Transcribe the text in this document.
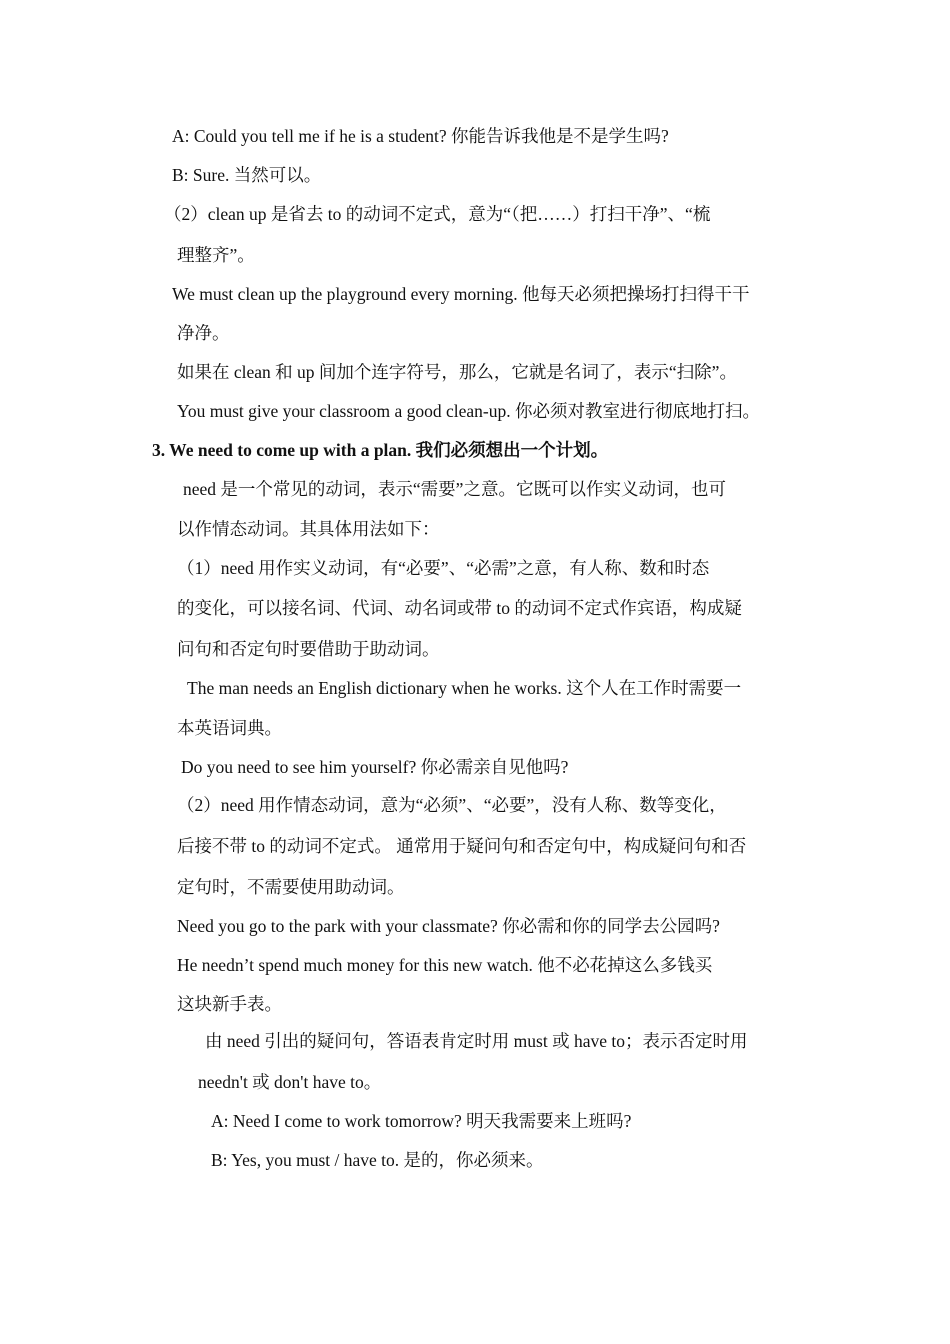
A: Could you tell me if he is a student? 你能告诉我他是不是学生吗?
B: Sure. 当然可以。
（2）clean up 是省去 to 的动词不定式，意为“（把……）打扫干净”、“梳
理整齐”。
We must clean up the playground every morning. 他每天必须把操场打扫得干干
净净。
如果在 clean 和 up 间加个连字符号，那么，它就是名词了，表示“扫除”。
You must give your classroom a good clean-up. 你必须对教室进行彻底地打扫。
3. We need to come up with a plan. 我们必须想出一个计划。
need 是一个常见的动词，表示“需要”之意。它既可以作实义动词，也可
以作情态动词。其具体用法如下：
（1）need 用作实义动词，有“必要”、“必需”之意，有人称、数和时态
的变化，可以接名词、代词、动名词或带 to 的动词不定式作宾语，构成疑
问句和否定句时要借助于助动词。
The man needs an English dictionary when he works. 这个人在工作时需要一
本英语词典。
Do you need to see him yourself? 你必需亲自见他吗?
（2）need 用作情态动词，意为“必须”、“必要”，没有人称、数等变化，
后接不带 to 的动词不定式。 通常用于疑问句和否定句中，构成疑问句和否
定句时，不需要使用助动词。
Need you go to the park with your classmate? 你必需和你的同学去公园吗?
He needn’t spend much money for this new watch. 他不必花掉这么多钱买
这块新手表。
由 need 引出的疑问句，答语表肯定时用 must 或 have to；表示否定时用
needn't 或 don't have to。
A: Need I come to work tomorrow? 明天我需要来上班吗?
B: Yes, you must / have to. 是的，你必须来。
